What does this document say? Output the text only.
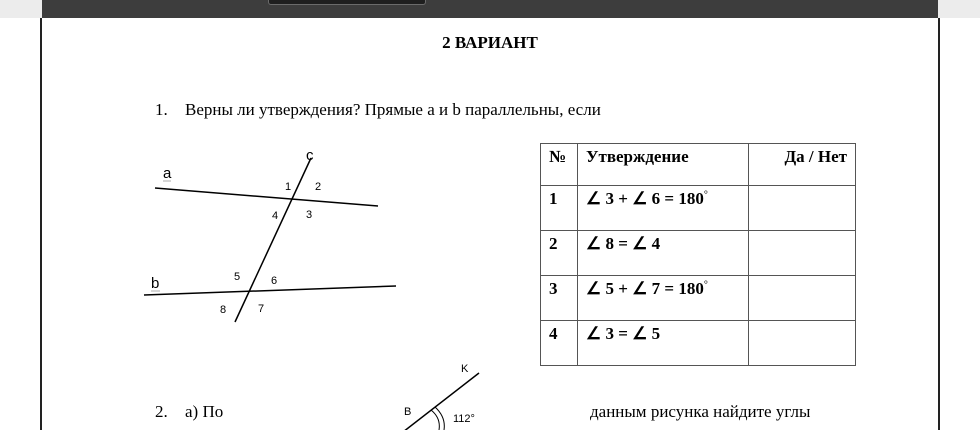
2 ВАРИАНТ
1. Верны ли утверждения? Прямые a и b параллельны, если
a
b
c
1 2
3
4
5	6
7
8
№	Утверждение	Да / Нет
1	∠ 3 + ∠ 6 = 180°	
2	∠ 8 = ∠ 4	
3	∠ 5 + ∠ 7 = 180°	
4	∠ 3 = ∠ 5	
2. а) По	данным рисунка найдите углы
K
B
112°
